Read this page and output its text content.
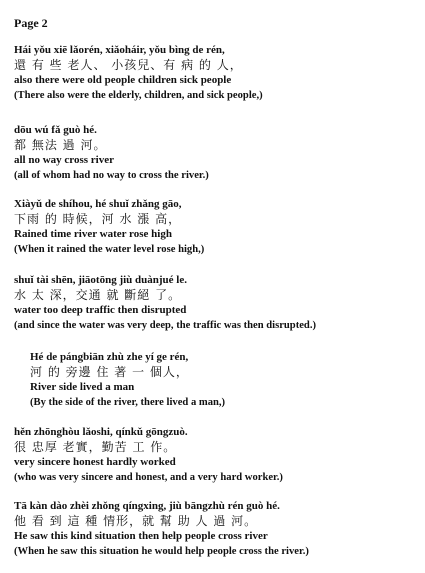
Page 2
Hái yǒu xiē lǎorén, xiǎoháir, yǒu bìng de rén,
還 有 些 老人、 小孩兒、有 病 的 人，
also there were old people children sick people
(There also were the elderly, children, and sick people,)
dōu wú fǎ guò hé.
都 無法 過 河。
all no way cross river
(all of whom had no way to cross the river.)
Xiàyǔ de shíhou, hé shuǐ zhǎng gāo,
下雨 的 時候，河 水 漲 高，
Rained time river water rose high
(When it rained the water level rose high,)
shuǐ tài shēn, jiāotōng jiù duànjué le.
水 太 深，交通 就 斷絕 了。
water too deep traffic then disrupted
(and since the water was very deep, the traffic was then disrupted.)
Hé de pángbiān zhù zhe yí ge rén,
河 的 旁邊 住 著 一 個人，
River side lived a man
(By the side of the river, there lived a man,)
hěn zhōnghòu lǎoshi, qínkǔ gōngzuò.
很 忠厚 老實，勤苦 工 作。
very sincere honest hardly worked
(who was very sincere and honest, and a very hard worker.)
Tā kàn dào zhèi zhǒng qíngxing, jiù bāngzhù rén guò hé.
他 看 到 這 種 情形，就 幫 助 人 過 河。
He saw this kind situation then help people cross river
(When he saw this situation he would help people cross the river.)
